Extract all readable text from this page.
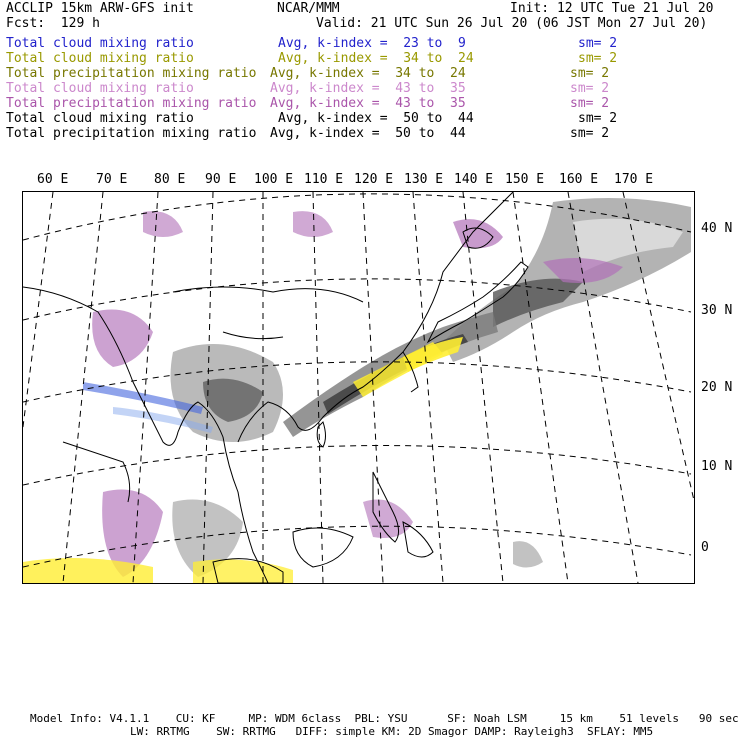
ACCLIP 15km ARW-GFS init	NCAR/MMM	Init: 12 UTC Tue 21 Jul 20
Fcst:  129 h	Valid: 21 UTC Sun 26 Jul 20 (06 JST Mon 27 Jul 20)
Total cloud mixing ratio	Avg, k-index =  23 to  9	sm= 2
Total cloud mixing ratio	Avg, k-index =  34 to  24	sm= 2
Total precipitation mixing ratio Avg, k-index =  34 to  24	sm= 2
Total cloud mixing ratio	Avg, k-index =  43 to  35	sm= 2
Total precipitation mixing ratio Avg, k-index =  43 to  35	sm= 2
Total cloud mixing ratio	Avg, k-index =  50 to  44	sm= 2
Total precipitation mixing ratio Avg, k-index =  50 to  44	sm= 2
60 E 70 E 80 E 90 E 100 E 110 E 120 E 130 E 140 E 150 E 160 E 170 E
40 N
30 N
20 N
10 N
0
Model Info: V4.1.1    CU: KF     MP: WDM 6class  PBL: YSU      SF: Noah LSM     15 km    51 levels   90 sec
LW: RRTMG    SW: RRTMG   DIFF: simple KM: 2D Smagor DAMP: Rayleigh3  SFLAY: MM5
